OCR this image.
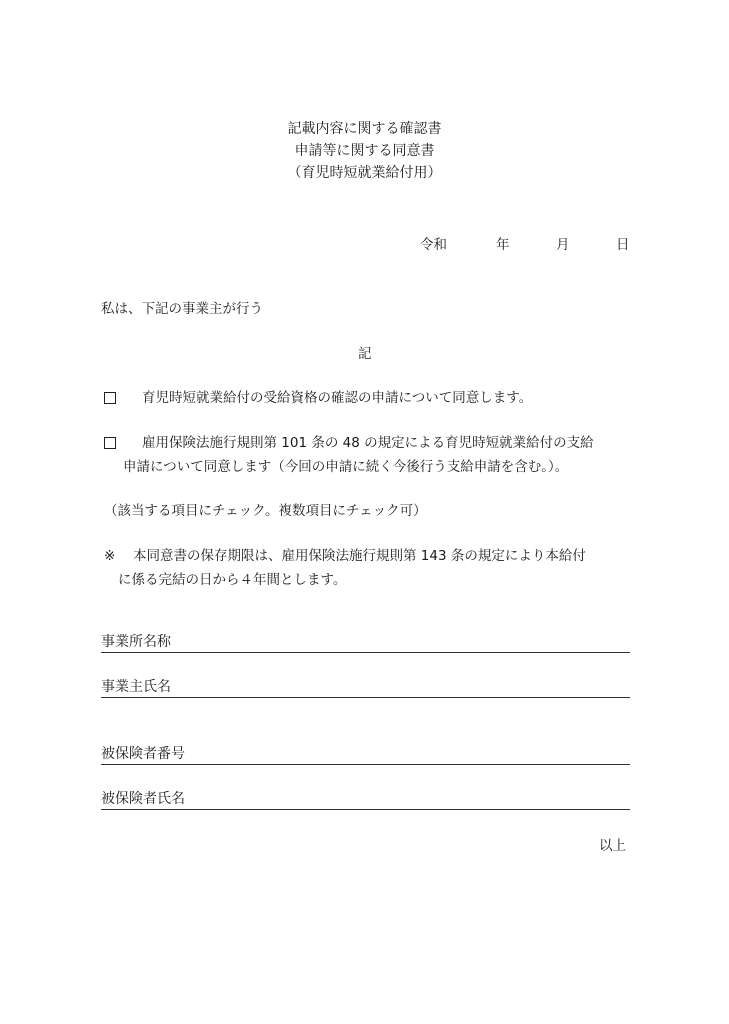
記載内容に関する確認書
申請等に関する同意書
（育児時短就業給付用）
令和	年	月	日
私は、下記の事業主が行う
記
育児時短就業給付の受給資格の確認の申請について同意します。
雇用保険法施行規則第 101 条の 48 の規定による育児時短就業給付の支給
申請について同意します（今回の申請に続く今後行う支給申請を含む。）。
（該当する項目にチェック。複数項目にチェック可）
※ 本同意書の保存期限は、雇用保険法施行規則第 143 条の規定により本給付
に係る完結の日から４年間とします。
事業所名称
事業主氏名
被保険者番号
被保険者氏名
以上
